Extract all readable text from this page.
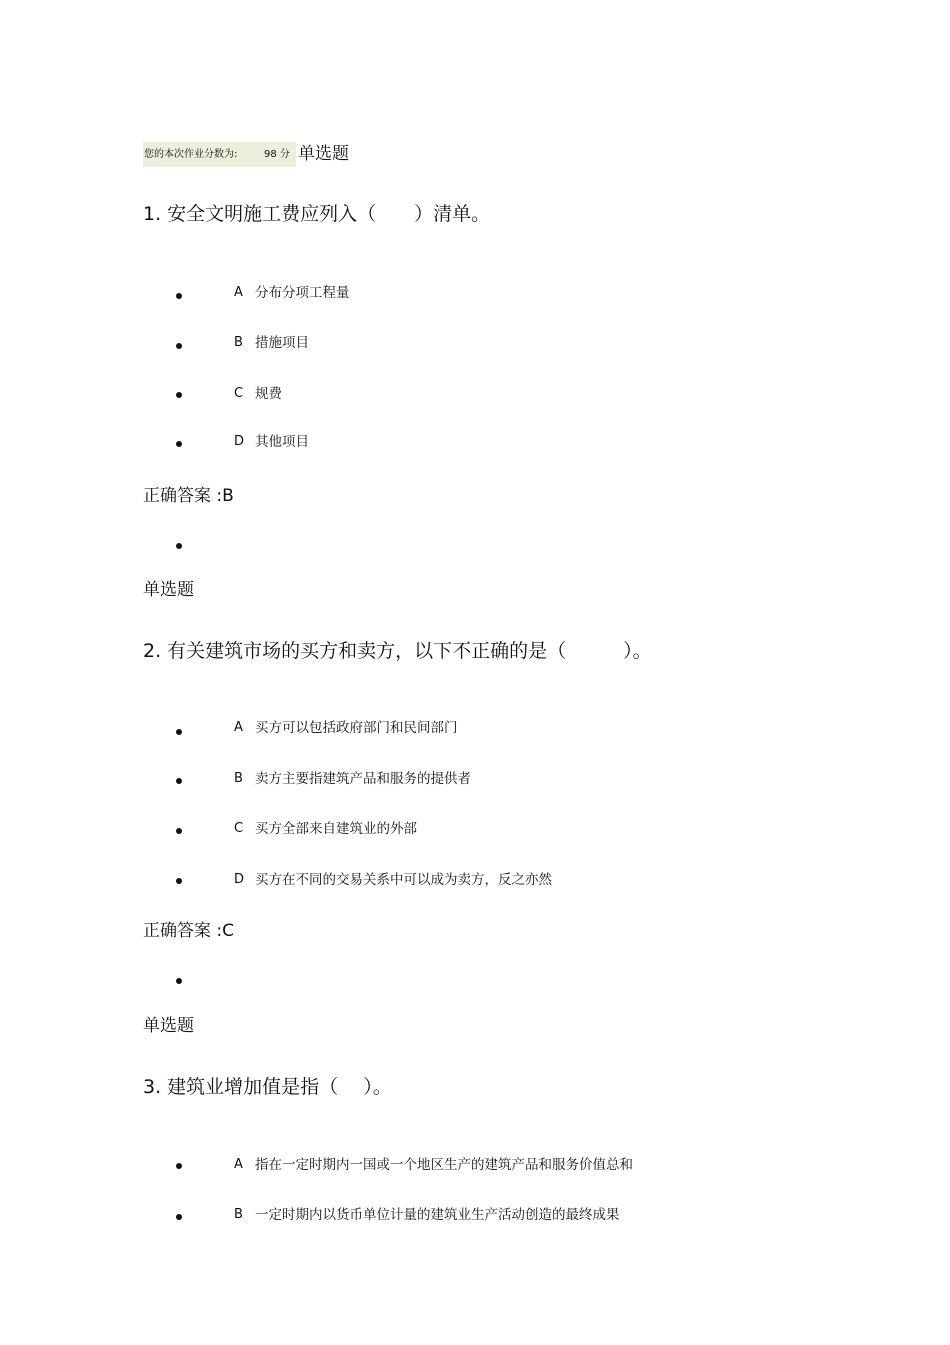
您的本次作业分数为:	98 分 单选题
1. 安全文明施工费应列入（　　）清单。
A 分布分项工程量
B 措施项目
C 规费
D 其他项目
正确答案 :B
单选题
2. 有关建筑市场的买方和卖方，以下不正确的是（　　　）。
A 买方可以包括政府部门和民间部门
B 卖方主要指建筑产品和服务的提供者
C 买方全部来自建筑业的外部
D 买方在不同的交易关系中可以成为卖方，反之亦然
正确答案 :C
单选题
3. 建筑业增加值是指（　 ）。
A 指在一定时期内一国或一个地区生产的建筑产品和服务价值总和
B 一定时期内以货币单位计量的建筑业生产活动创造的最终成果
